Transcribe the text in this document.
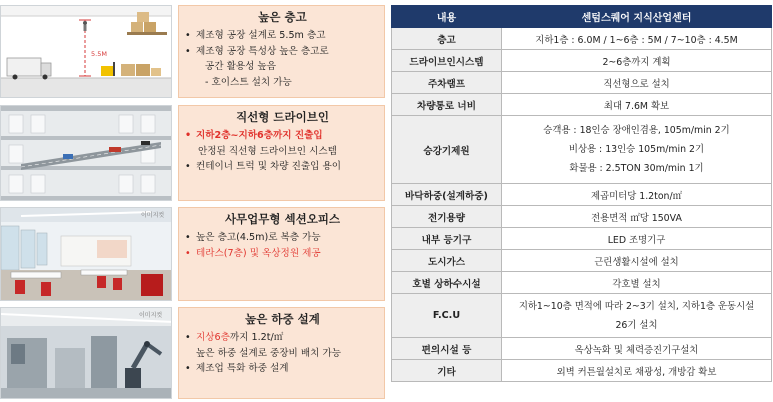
5.5M
높은 층고
• 제조형 공장 설계로 5.5m 층고
• 제조형 공장 특성상 높은 층고로
공간 활용성 높음
- 호이스트 설치 가능
직선형 드라이브인
• 지하2층~지하6층까지 진출입
안정된 직선형 드라이브인 시스템
• 컨테이너 트럭 및 차량 진출입 용이
이미지컷	사무업무형 섹션오피스
• 높은 층고(4.5m)로 복층 가능
• 테라스(7층) 및 옥상정원 제공
이미지컷	높은 하중 설계
• 지상6층까지 1.2t/㎡
높은 하중 설계로 중장비 배치 가능
• 제조업 특화 하중 설계
내용	센텀스퀘어 지식산업센터
층고	지하1층 : 6.0M / 1~6층 : 5M / 7~10층 : 4.5M
드라이브인시스템	2~6층까지 계획
주차램프	직선형으로 설치
차량통로 너비	최대 7.6M 확보
승강기제원	승객용 : 18인승 장애인겸용, 105m/min 2기
비상용 : 13인승 105m/min 2기
화물용 : 2.5TON 30m/min 1기

바닥하중(설계하중)	제곱미터당 1.2ton/㎡
전기용량	전용면적 ㎡당 150VA
내부 등기구	LED 조명기구
도시가스	근린생활시설에 설치
호별 상하수시설	각호별 설치
F.C.U	지하1~10층 면적에 따라 2~3기 설치, 지하1층 운동시설
26기 설치

편의시설 등	옥상녹화 및 체력증진기구설치
기타	외벽 커튼월설치로 채광성, 개방감 확보
